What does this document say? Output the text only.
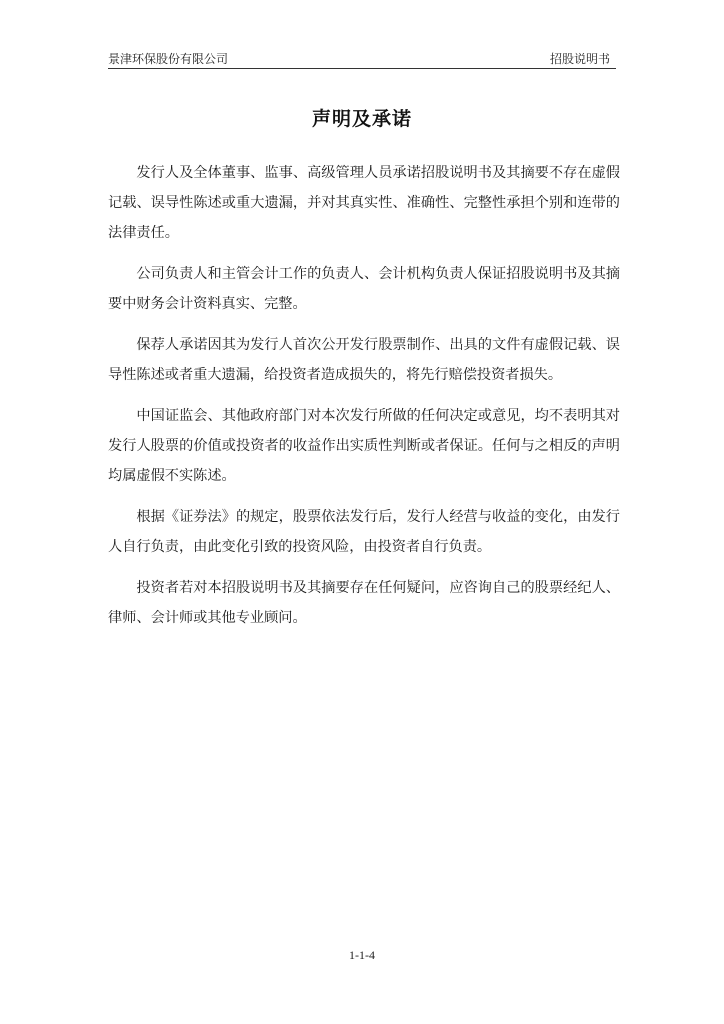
景津环保股份有限公司	招股说明书
声明及承诺

发行人及全体董事、监事、高级管理人员承诺招股说明书及其摘要不存在虚假记载、误导性陈述或重大遗漏，并对其真实性、准确性、完整性承担个别和连带的法律责任。

公司负责人和主管会计工作的负责人、会计机构负责人保证招股说明书及其摘要中财务会计资料真实、完整。

保荐人承诺因其为发行人首次公开发行股票制作、出具的文件有虚假记载、误导性陈述或者重大遗漏，给投资者造成损失的，将先行赔偿投资者损失。

中国证监会、其他政府部门对本次发行所做的任何决定或意见，均不表明其对发行人股票的价值或投资者的收益作出实质性判断或者保证。任何与之相反的声明均属虚假不实陈述。

根据《证券法》的规定，股票依法发行后，发行人经营与收益的变化，由发行人自行负责，由此变化引致的投资风险，由投资者自行负责。

投资者若对本招股说明书及其摘要存在任何疑问，应咨询自己的股票经纪人、律师、会计师或其他专业顾问。

1-1-4
